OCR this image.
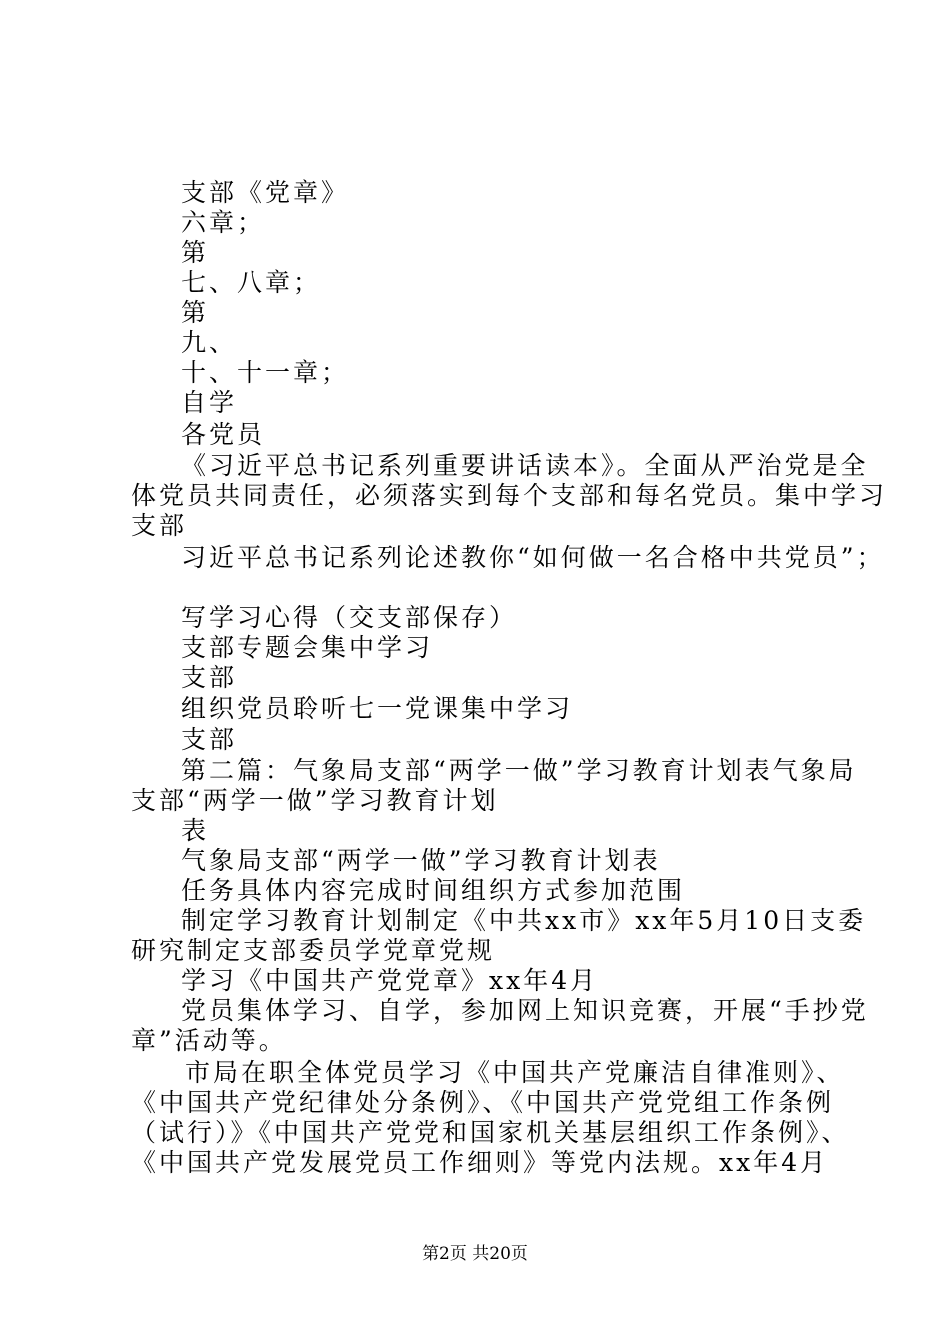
支部《党章》
六章；
第
七、八章；
第
九、
十、十一章；
自学
各党员
《习近平总书记系列重要讲话读本》。全面从严治党是全
体党员共同责任，必须落实到每个支部和每名党员。集中学习
支部
习近平总书记系列论述教你“如何做一名合格中共党员”；
写学习心得（交支部保存）
支部专题会集中学习
支部
组织党员聆听七一党课集中学习
支部
第二篇：气象局支部“两学一做”学习教育计划表气象局
支部“两学一做”学习教育计划
表
气象局支部“两学一做”学习教育计划表
任务具体内容完成时间组织方式参加范围
制定学习教育计划制定《中共xx市》xx年5月10日支委
研究制定支部委员学党章党规
学习《中国共产党党章》xx年4月
党员集体学习、自学，参加网上知识竞赛，开展“手抄党
章”活动等。
市局在职全体党员学习《中国共产党廉洁自律准则》、
《中国共产党纪律处分条例》、《中国共产党党组工作条例
（试行）》《中国共产党党和国家机关基层组织工作条例》、
《中国共产党发展党员工作细则》等党内法规。xx年4月
第2页 共20页
